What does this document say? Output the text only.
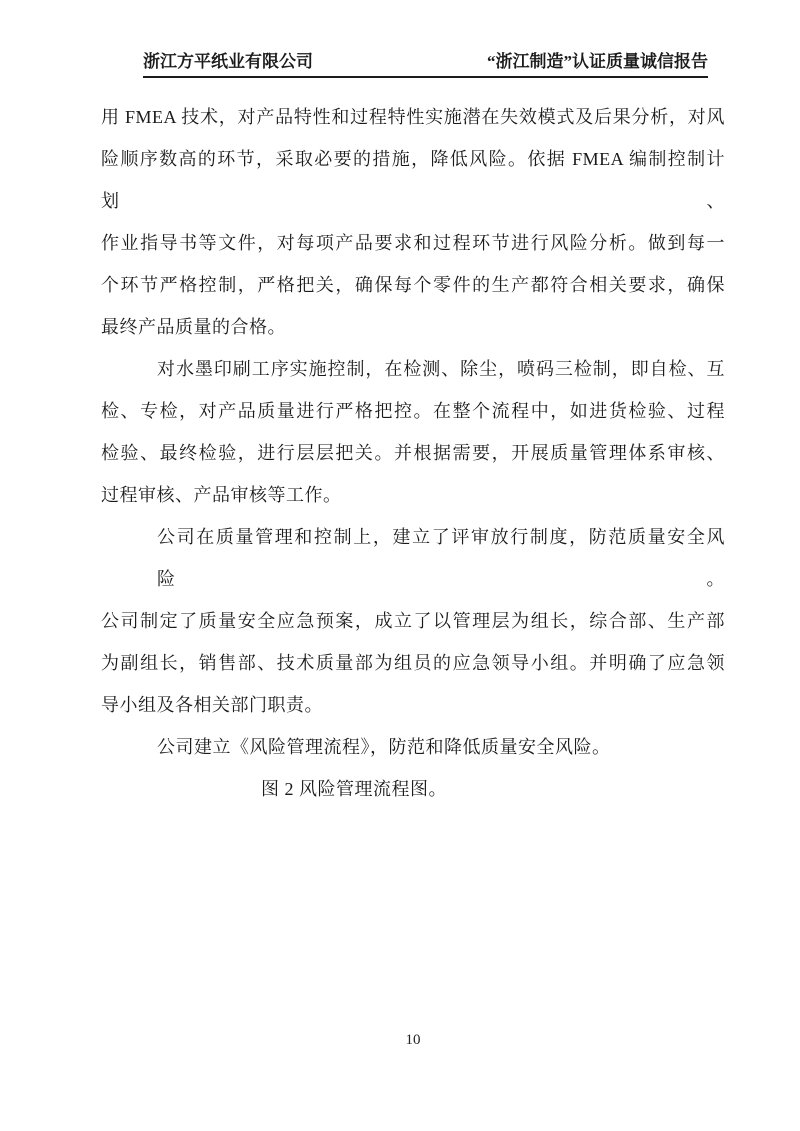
浙江方平纸业有限公司	“浙江制造”认证质量诚信报告
用 FMEA 技术，对产品特性和过程特性实施潜在失效模式及后果分析，对风
险顺序数高的环节，采取必要的措施，降低风险。依据 FMEA 编制控制计划、
作业指导书等文件，对每项产品要求和过程环节进行风险分析。做到每一
个环节严格控制，严格把关，确保每个零件的生产都符合相关要求，确保
最终产品质量的合格。
对水墨印刷工序实施控制，在检测、除尘，喷码三检制，即自检、互
检、专检，对产品质量进行严格把控。在整个流程中，如进货检验、过程
检验、最终检验，进行层层把关。并根据需要，开展质量管理体系审核、
过程审核、产品审核等工作。
公司在质量管理和控制上，建立了评审放行制度，防范质量安全风险。
公司制定了质量安全应急预案，成立了以管理层为组长，综合部、生产部
为副组长，销售部、技术质量部为组员的应急领导小组。并明确了应急领
导小组及各相关部门职责。
公司建立《风险管理流程》，防范和降低质量安全风险。
图 2 风险管理流程图。
10
